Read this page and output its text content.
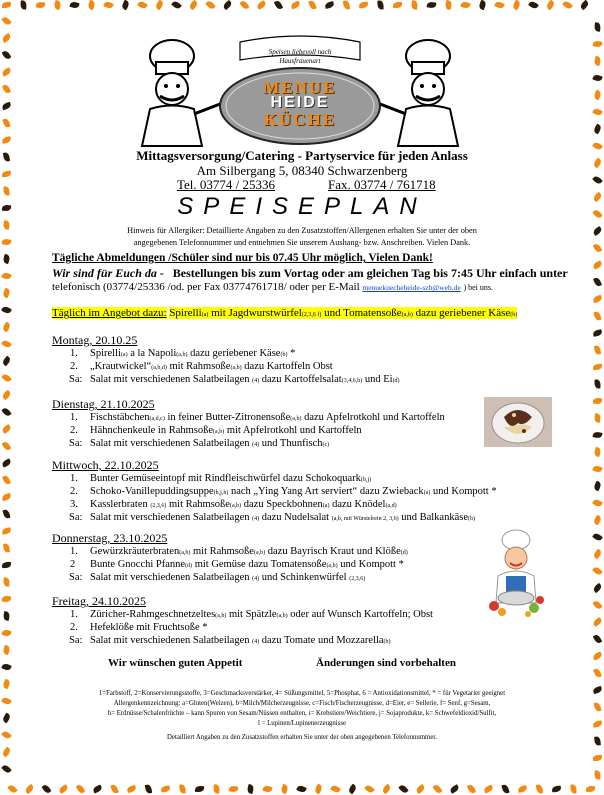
Speisen liebevoll nach Hausfrauenart
MENUE
HEIDE
KÜCHE
Mittagsversorgung/Catering - Partyservice für jeden Anlass
Am Silbergang 5, 08340 Schwarzenberg
Tel. 03774 / 25336	Fax. 03774 / 761718
SPEISEPLAN
Hinweis für Allergiker: Detaillierte Angaben zu den Zusatzstoffen/Allergenen erhalten Sie unter der oben
angegebenen Telefonnummer und entnehmen Sie unserem Aushang- bzw. Anschreiben. Vielen Dank.
Tägliche Abmeldungen /Schüler sind nur bis 07.45 Uhr möglich, Vielen Dank!
Wir sind für Euch da - Bestellungen bis zum Vortag oder am gleichen Tag bis 7:45 Uhr einfach unter
telefonisch (03774/25336 /od. per Fax 03774761718/ oder per E-Mail menuekuecheheide-szb@web.de ) bei uns.
Täglich im Angebot dazu: Spirelli(a) mit Jagdwurstwürfel(2,3,6 f) und Tomatensoße(a,b) dazu geriebener Käse(b)
Montag, 20.10.25
1. Spirelli(a) a la Napoli(a,b) dazu geriebener Käse(b) *
2. „Krautwickel“(a,b,d) mit Rahmsoße(a,b) dazu Kartoffeln Obst
Sa: Salat mit verschiedenen Salatbeilagen (4) dazu Kartoffelsalat(3,4,6,b) und Ei(d)
Dienstag, 21.10.2025
1. Fischstäbchen(a,d,c) in feiner Butter-Zitronensoße(a,b) dazu Apfelrotkohl und Kartoffeln
2. Hähnchenkeule in Rahmsoße(a,b) mit Apfelrotkohl und Kartoffeln
Sa: Salat mit verschiedenen Salatbeilagen (4) und Thunfisch(c)
Mittwoch, 22.10.2025
1. Bunter Gemüseeintopf mit Rindfleischwürfel dazu Schokoquark(b,j)
2. Schoko-Vanillepuddingsuppe(b,j,h) nach „Ying Yang Art serviert“ dazu Zwieback(a) und Kompott *
3. Kasslerbraten (2,3,6) mit Rahmsoße(a,b) dazu Speckbohnen(a) dazu Knödel(a,d)
Sa: Salat mit verschiedenen Salatbeilagen (4) dazu Nudelsalat (a,b, mit Würstelrein 2, 3,6) und Balkankäse(b)
Donnerstag, 23.10.2025
1. Gewürzkräuterbraten(a,b) mit Rahmsoße(a,b) dazu Bayrisch Kraut und Klöße(d)
2 Bunte Gnocchi Pfanne(d) mit Gemüse dazu Tomatensoße(a,b) und Kompott *
Sa: Salat mit verschiedenen Salatbeilagen (4) und Schinkenwürfel (2,3,6)
Freitag, 24.10.2025
1. Züricher-Rahmgeschnetzeltes(a,b) mit Spätzle(a,b) oder auf Wunsch Kartoffeln; Obst
2. Hefeklöße mit Fruchtsoße *
Sa: Salat mit verschiedenen Salatbeilagen (4) dazu Tomate und Mozzarella(b)
Wir wünschen guten Appetit	Änderungen sind vorbehalten
1=Farbstoff, 2=Konservierungsstoffe, 3=Geschmacksverstärker, 4= Süßungsmittel, 5=Phosphat, 6 = Antioxidationsmittel, * = für Vegetarier geeignet
Allergenkennzeichnung: a=Gluten(Weizen), b=Milch/Milcherzeugnisse, c=Fisch/Fischerzeugnisse, d=Eier, e= Sellerie, f= Senf, g=Sesam,
h= Erdnüsse/Schalenfrüchte – kann Spuren von Sesam/Nüssen enthalten, i= Krebstiere/Weichtiere, j= Sojaprodukte, k= Schwefeldioxid/Sulfit,
l = Lupinen/Lupinenerzeugnisse
Detailliert Angaben zu den Zusatzstoffen erhalten Sie unter der oben angegebenen Telefonnummer.
